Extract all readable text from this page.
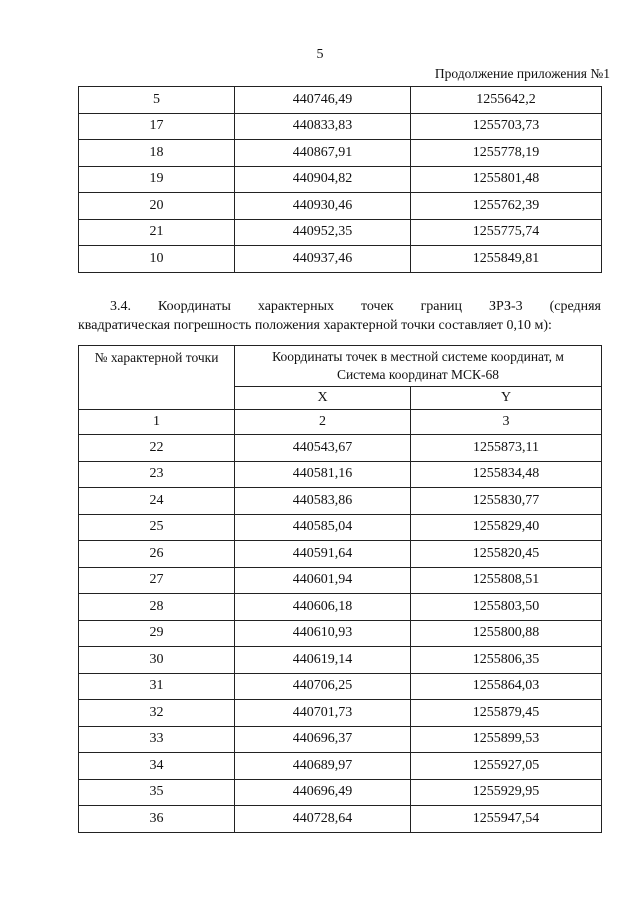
5
Продолжение приложения №1
5	440746,49	1255642,2
17	440833,83	1255703,73
18	440867,91	1255778,19
19	440904,82	1255801,48
20	440930,46	1255762,39
21	440952,35	1255775,74
10	440937,46	1255849,81
3.4. Координаты характерных точек границ ЗРЗ-3 (средняя
квадратическая погрешность положения характерной точки составляет 0,10 м):
№ характерной точки	Координаты точек в местной системе координат, м
Система координат МСК-68	

	X	Y
1	2	3
22	440543,67	1255873,11
23	440581,16	1255834,48
24	440583,86	1255830,77
25	440585,04	1255829,40
26	440591,64	1255820,45
27	440601,94	1255808,51
28	440606,18	1255803,50
29	440610,93	1255800,88
30	440619,14	1255806,35
31	440706,25	1255864,03
32	440701,73	1255879,45
33	440696,37	1255899,53
34	440689,97	1255927,05
35	440696,49	1255929,95
36	440728,64	1255947,54
